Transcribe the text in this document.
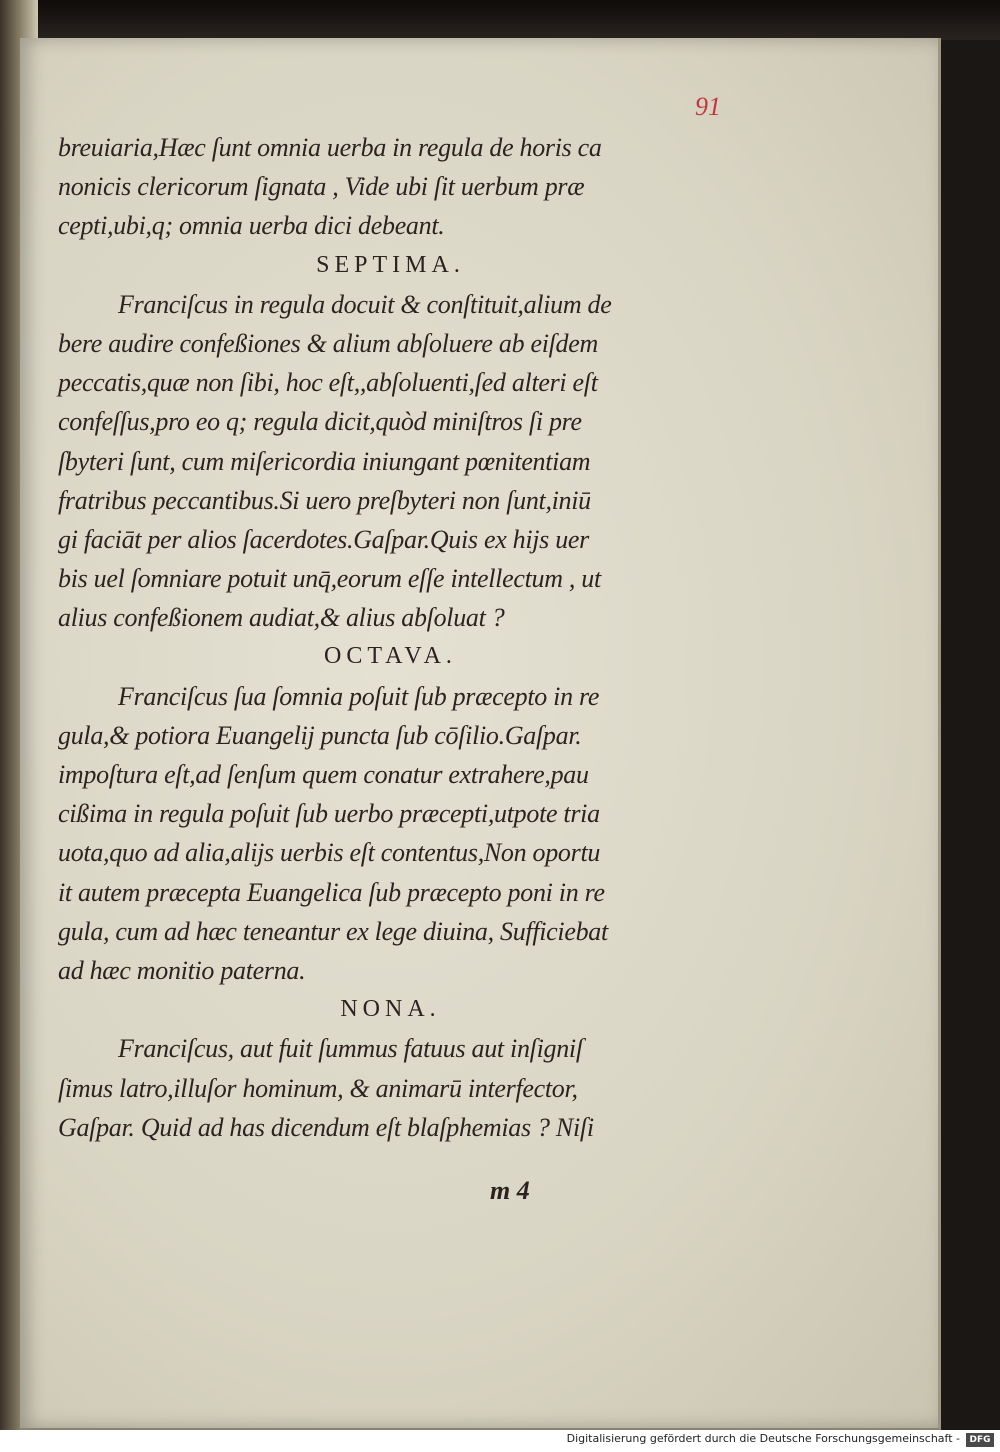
91
breuiaria,Hæc ſunt omnia uerba in regula de horis ca
nonicis clericorum ſignata , Vide ubi ſit uerbum præ
cepti,ubi,q; omnia uerba dici debeant.
SEPTIMA.
Franciſcus in regula docuit & conſtituit,alium de
bere audire confeßiones & alium abſoluere ab eiſdem
peccatis,quæ non ſibi, hoc eſt,,abſoluenti,ſed alteri eſt
confeſſus,pro eo q; regula dicit,quòd miniſtros ſi pre
ſbyteri ſunt, cum miſericordia iniungant pœnitentiam
fratribus peccantibus.Si uero preſbyteri non ſunt,iniū
gi faciāt per alios ſacerdotes.Gaſpar.Quis ex hijs uer
bis uel ſomniare potuit unq̄,eorum eſſe intellectum , ut
alius confeßionem audiat,& alius abſoluat ?
OCTAVA.
Franciſcus ſua ſomnia poſuit ſub præcepto in re
gula,& potiora Euangelij puncta ſub cōſilio.Gaſpar.
impoſtura eſt,ad ſenſum quem conatur extrahere,pau
cißima in regula poſuit ſub uerbo præcepti,utpote tria
uota,quo ad alia,alijs uerbis eſt contentus,Non oportu
it autem præcepta Euangelica ſub præcepto poni in re
gula, cum ad hæc teneantur ex lege diuina, Sufficiebat
ad hæc monitio paterna.
NONA.
Franciſcus, aut fuit ſummus fatuus aut inſigniſ
ſimus latro,illuſor hominum, & animarū interfector,
Gaſpar. Quid ad has dicendum eſt blaſphemias ? Niſi
m 4
Digitalisierung gefördert durch die Deutsche Forschungsgemeinschaft -	DFG
